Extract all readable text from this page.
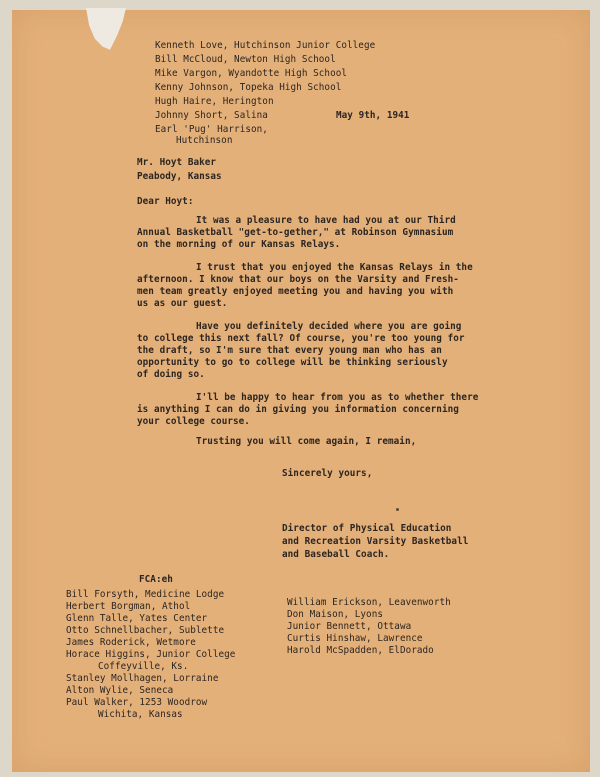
Kenneth Love, Hutchinson Junior College
Bill McCloud, Newton High School
Mike Vargon, Wyandotte High School
Kenny Johnson, Topeka High School
Hugh Haire, Herington
Johnny Short, Salina
Earl 'Pug' Harrison,
Hutchinson
May 9th, 1941
Mr. Hoyt Baker
Peabody, Kansas
Dear Hoyt:
It was a pleasure to have had you at our Third
Annual Basketball "get-to-gether," at Robinson Gymnasium
on the morning of our Kansas Relays.
I trust that you enjoyed the Kansas Relays in the
afternoon. I know that our boys on the Varsity and Fresh-
men team greatly enjoyed meeting you and having you with
us as our guest.
Have you definitely decided where you are going
to college this next fall? Of course, you're too young for
the draft, so I'm sure that every young man who has an
opportunity to go to college will be thinking seriously
of doing so.
I'll be happy to hear from you as to whether there
is anything I can do in giving you information concerning
your college course.
Trusting you will come again, I remain,
Sincerely yours,
Director of Physical Education
and Recreation Varsity Basketball
and Baseball Coach.
FCA:eh
Bill Forsyth, Medicine Lodge
Herbert Borgman, Athol
Glenn Talle, Yates Center
Otto Schnellbacher, Sublette
James Roderick, Wetmore
Horace Higgins, Junior College
Coffeyville, Ks.
Stanley Mollhagen, Lorraine
Alton Wylie, Seneca
Paul Walker, 1253 Woodrow
Wichita, Kansas
William Erickson, Leavenworth
Don Maison, Lyons
Junior Bennett, Ottawa
Curtis Hinshaw, Lawrence
Harold McSpadden, ElDorado
